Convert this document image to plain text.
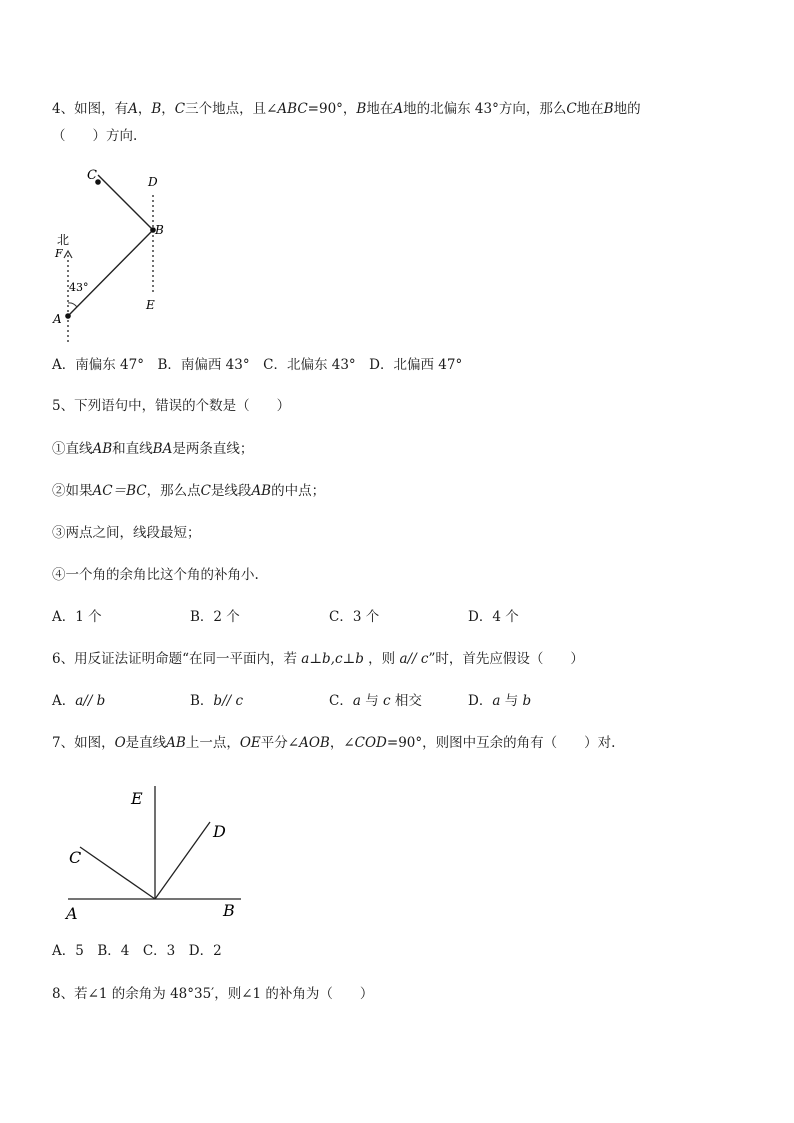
4、如图，有A，B，C三个地点，且∠ABC=90°，B地在A地的北偏东 43°方向，那么C地在B地的
（　　）方向.
C	D
B
北
F
43°
A
E
A．南偏东 47°　B．南偏西 43°　C．北偏东 43°　D．北偏西 47°
5、下列语句中，错误的个数是（　　）
①直线AB和直线BA是两条直线；
②如果AC＝BC，那么点C是线段AB的中点；
③两点之间，线段最短；
④一个角的余角比这个角的补角小.
A．1 个	B．2 个	C．3 个	D．4 个
6、用反证法证明命题“在同一平面内，若 a⊥b,c⊥b ，则 a// c”时，首先应假设（　　）
A．a// b	B．b// c	C．a 与 c 相交	D．a 与 b
7、如图，O是直线AB上一点，OE平分∠AOB，∠COD=90°，则图中互余的角有（　　）对.
E
D
C
A	B
A．5　B．4　C．3　D．2
8、若∠1 的余角为 48°35′，则∠1 的补角为（　　）
